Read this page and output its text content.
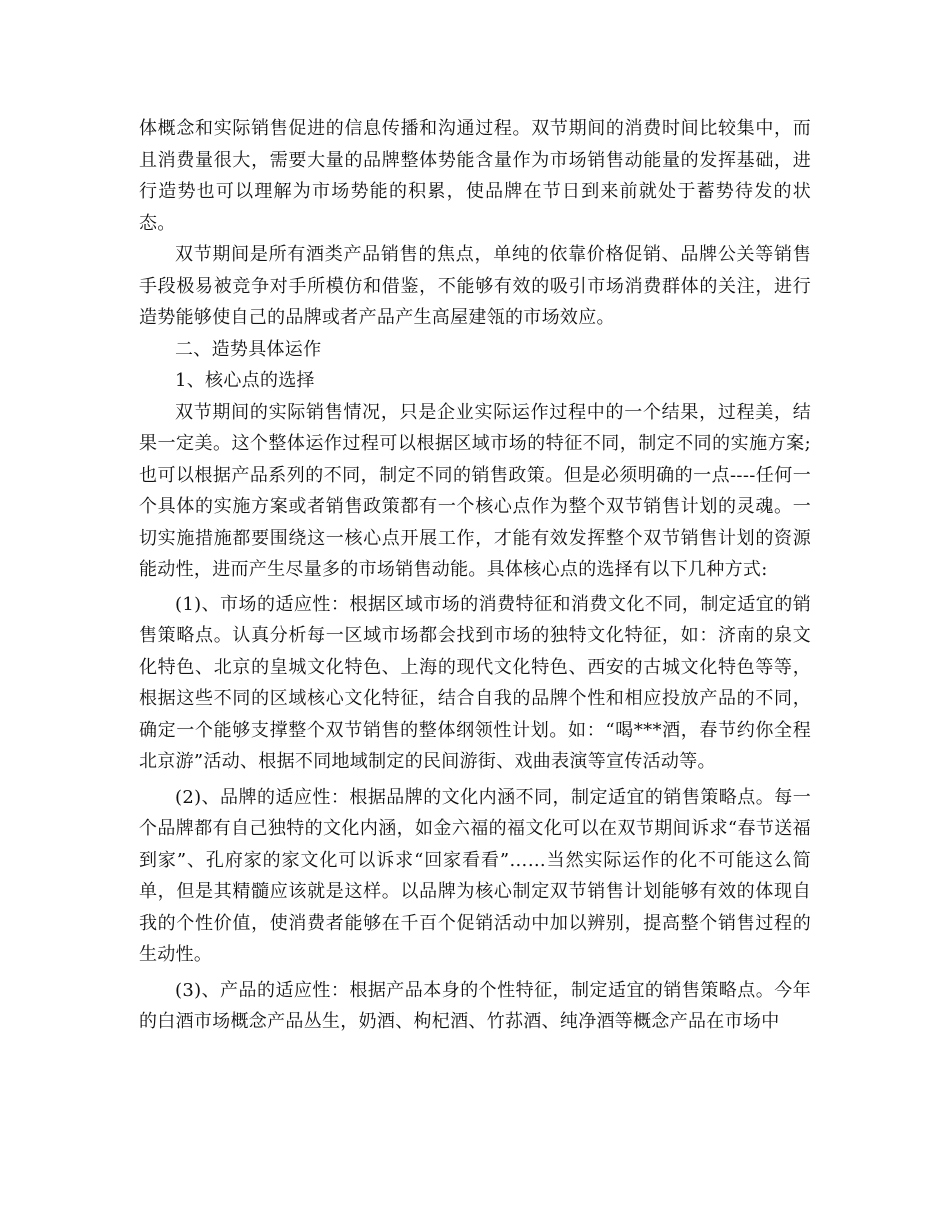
体概念和实际销售促进的信息传播和沟通过程。双节期间的消费时间比较集中，而且消费量很大，需要大量的品牌整体势能含量作为市场销售动能量的发挥基础，进行造势也可以理解为市场势能的积累，使品牌在节日到来前就处于蓄势待发的状态。

双节期间是所有酒类产品销售的焦点，单纯的依靠价格促销、品牌公关等销售手段极易被竞争对手所模仿和借鉴，不能够有效的吸引市场消费群体的关注，进行造势能够使自己的品牌或者产品产生高屋建瓴的市场效应。

二、造势具体运作

1、核心点的选择

双节期间的实际销售情况，只是企业实际运作过程中的一个结果，过程美，结果一定美。这个整体运作过程可以根据区域市场的特征不同，制定不同的实施方案;也可以根据产品系列的不同，制定不同的销售政策。但是必须明确的一点----任何一个具体的实施方案或者销售政策都有一个核心点作为整个双节销售计划的灵魂。一切实施措施都要围绕这一核心点开展工作，才能有效发挥整个双节销售计划的资源能动性，进而产生尽量多的市场销售动能。具体核心点的选择有以下几种方式:

(1)、市场的适应性：根据区域市场的消费特征和消费文化不同，制定适宜的销售策略点。认真分析每一区域市场都会找到市场的独特文化特征，如：济南的泉文化特色、北京的皇城文化特色、上海的现代文化特色、西安的古城文化特色等等，根据这些不同的区域核心文化特征，结合自我的品牌个性和相应投放产品的不同，确定一个能够支撑整个双节销售的整体纲领性计划。如：“喝***酒，春节约你全程北京游”活动、根据不同地域制定的民间游街、戏曲表演等宣传活动等。

(2)、品牌的适应性：根据品牌的文化内涵不同，制定适宜的销售策略点。每一个品牌都有自己独特的文化内涵，如金六福的福文化可以在双节期间诉求“春节送福到家”、孔府家的家文化可以诉求“回家看看”……当然实际运作的化不可能这么简单，但是其精髓应该就是这样。以品牌为核心制定双节销售计划能够有效的体现自我的个性价值，使消费者能够在千百个促销活动中加以辨别，提高整个销售过程的生动性。

(3)、产品的适应性：根据产品本身的个性特征，制定适宜的销售策略点。今年的白酒市场概念产品丛生，奶酒、枸杞酒、竹荪酒、纯净酒等概念产品在市场中
